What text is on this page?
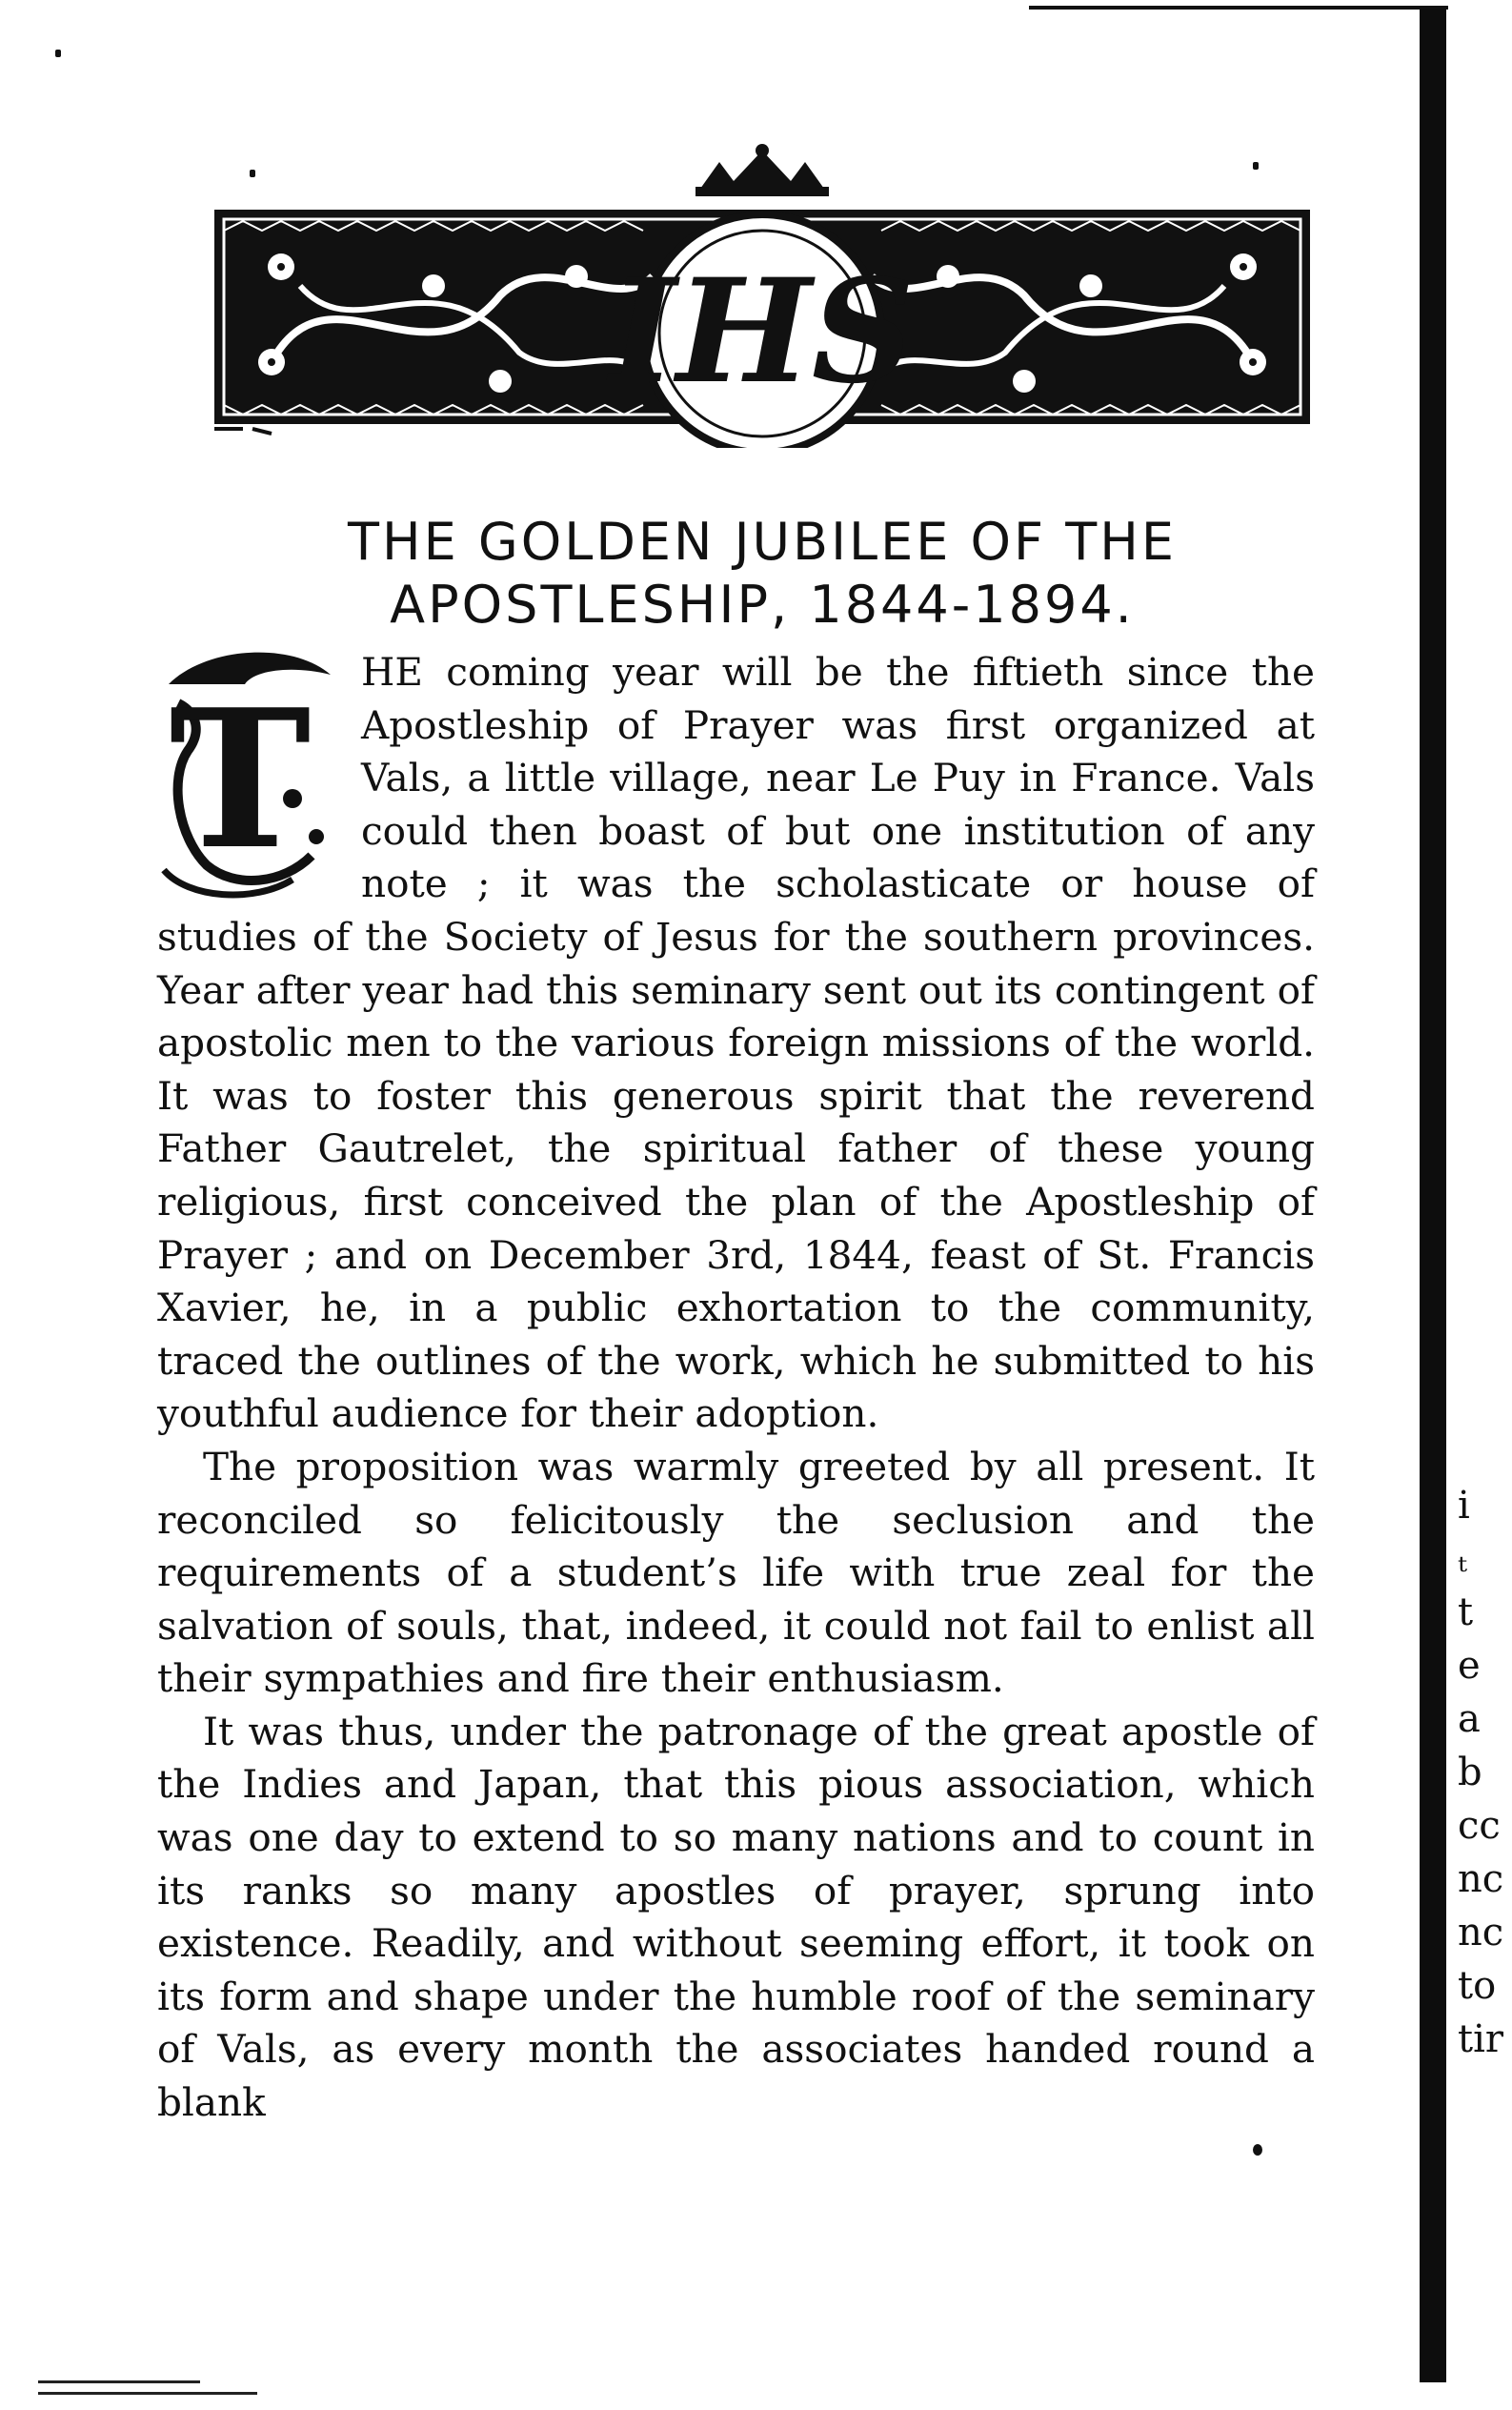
IHS
THE GOLDEN JUBILEE OF THE
APOSTLESHIP, 1844-1894.

T HE coming year will be the fiftieth since the Apostleship of Prayer was first organized at Vals, a little village, near Le Puy in France. Vals could then boast of but one institution of any note ; it was the scholasticate or house of studies of the Society of Jesus for the southern provinces. Year after year had this seminary sent out its contingent of apostolic men to the various foreign missions of the world. It was to foster this generous spirit that the reverend Father Gautrelet, the spiritual father of these young religious, first conceived the plan of the Apostleship of Prayer ; and on December 3rd, 1844, feast of St. Francis Xavier, he, in a public exhortation to the community, traced the outlines of the work, which he submitted to his youthful audience for their adoption.

The proposition was warmly greeted by all present. It reconciled so felicitously the seclusion and the requirements of a student’s life with true zeal for the salvation of souls, that, indeed, it could not fail to enlist all their sympathies and fire their enthusiasm.

It was thus, under the patronage of the great apostle of the Indies and Japan, that this pious association, which was one day to extend to so many nations and to count in its ranks so many apostles of prayer, sprung into existence. Readily, and without seeming effort, it took on its form and shape under the humble roof of the seminary of Vals, as every month the associates handed round a blank

i
ₜ
t
e
a
b
cc
nc
nc
to
tir
